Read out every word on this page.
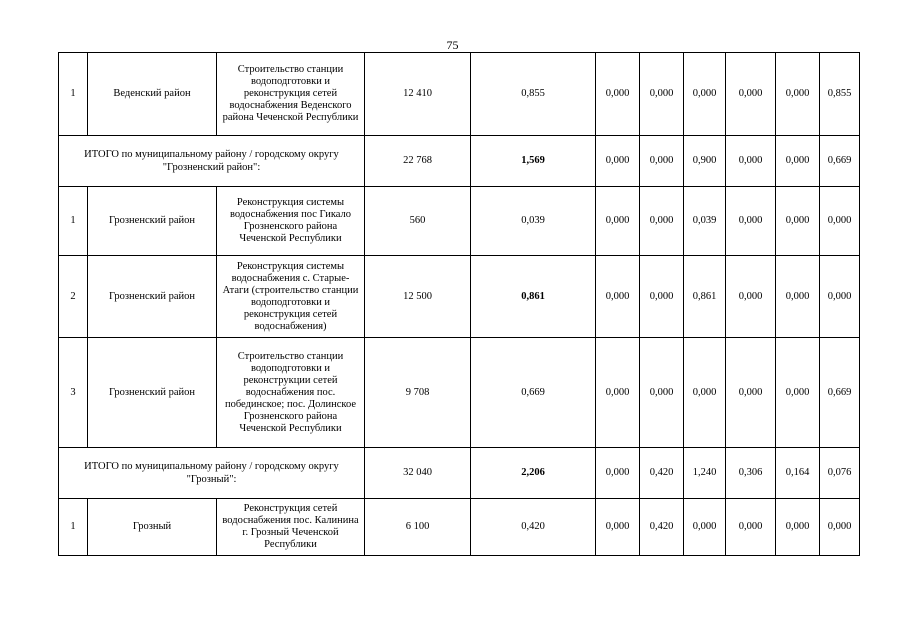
75
1	Веденский район	Строительство станции водоподготовки и реконструкция сетей водоснабжения Веденского района Чеченской Республики	12 410	0,855	0,000	0,000	0,000	0,000	0,000	0,855
ИТОГО по муниципальному району / городскому округу "Грозненский район":			22 768	1,569	0,000	0,000	0,900	0,000	0,000	0,669
1	Грозненский район	Реконструкция системы водоснабжения пос Гикало Грозненского района Чеченской Республики	560	0,039	0,000	0,000	0,039	0,000	0,000	0,000
2	Грозненский район	Реконструкция системы водоснабжения с. Старые-Атаги (строительство станции водоподготовки и реконструкция сетей водоснабжения)	12 500	0,861	0,000	0,000	0,861	0,000	0,000	0,000
3	Грозненский район	Строительство станции водоподготовки и реконструкции сетей водоснабжения пос. побединское; пос. Долинское Грозненского района Чеченской Республики	9 708	0,669	0,000	0,000	0,000	0,000	0,000	0,669
ИТОГО по муниципальному району / городскому округу "Грозный":			32 040	2,206	0,000	0,420	1,240	0,306	0,164	0,076
1	Грозный	Реконструкция сетей водоснабжения пос. Калинина г. Грозный Чеченской Республики	6 100	0,420	0,000	0,420	0,000	0,000	0,000	0,000
